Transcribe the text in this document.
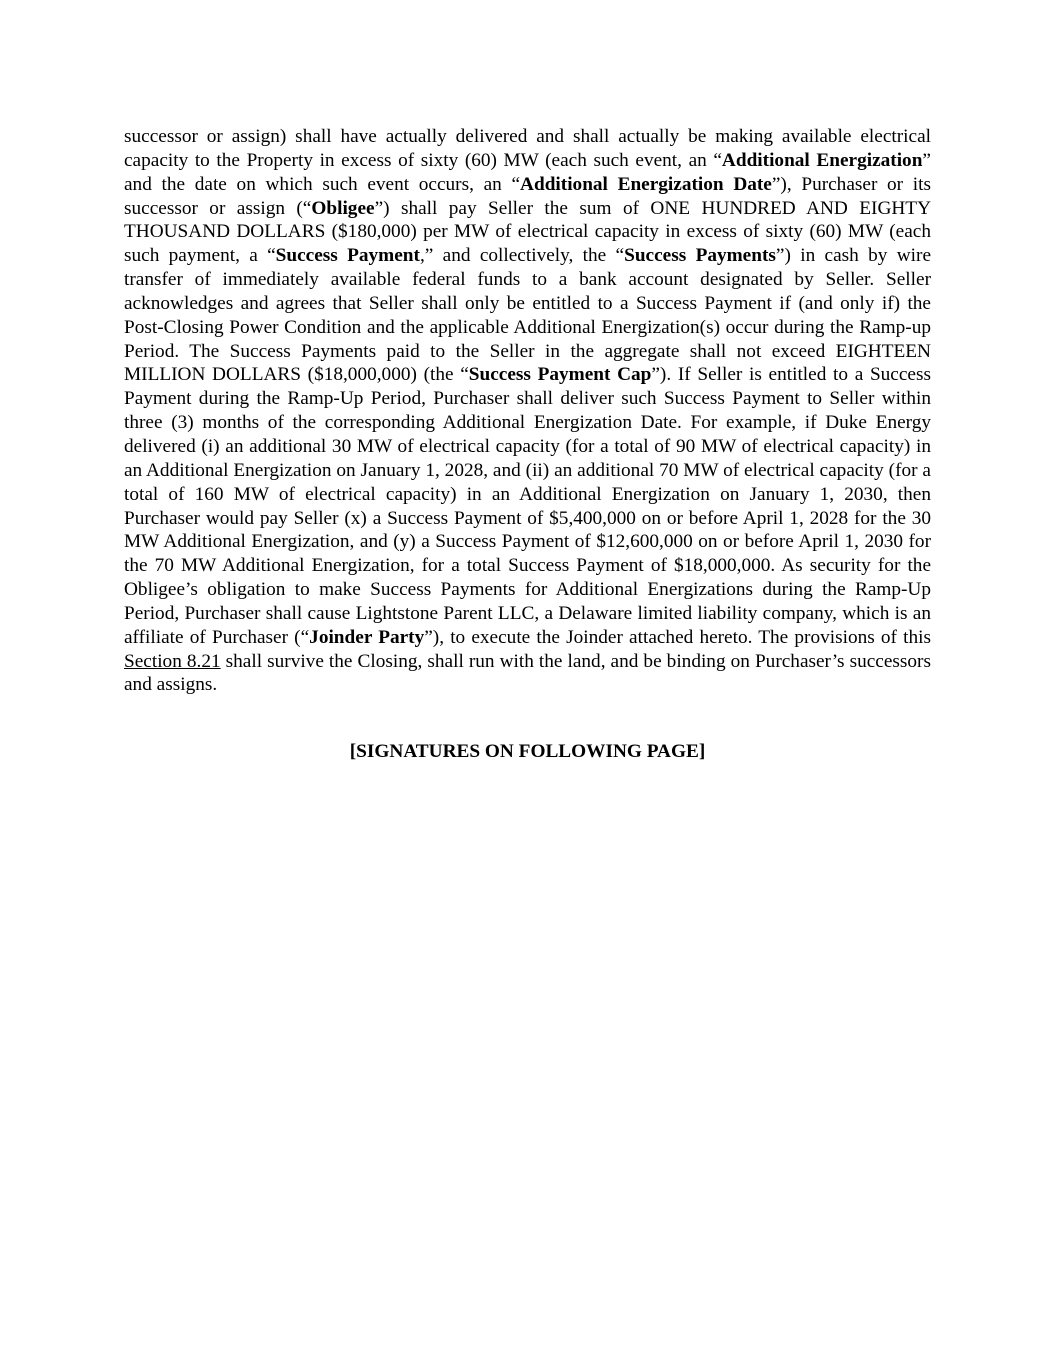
successor or assign) shall have actually delivered and shall actually be making available electrical capacity to the Property in excess of sixty (60) MW (each such event, an “Additional Energization” and the date on which such event occurs, an “Additional Energization Date”), Purchaser or its successor or assign (“Obligee”) shall pay Seller the sum of ONE HUNDRED AND EIGHTY THOUSAND DOLLARS ($180,000) per MW of electrical capacity in excess of sixty (60) MW (each such payment, a “Success Payment,” and collectively, the “Success Payments”) in cash by wire transfer of immediately available federal funds to a bank account designated by Seller. Seller acknowledges and agrees that Seller shall only be entitled to a Success Payment if (and only if) the Post-Closing Power Condition and the applicable Additional Energization(s) occur during the Ramp-up Period. The Success Payments paid to the Seller in the aggregate shall not exceed EIGHTEEN MILLION DOLLARS ($18,000,000) (the “Success Payment Cap”). If Seller is entitled to a Success Payment during the Ramp-Up Period, Purchaser shall deliver such Success Payment to Seller within three (3) months of the corresponding Additional Energization Date. For example, if Duke Energy delivered (i) an additional 30 MW of electrical capacity (for a total of 90 MW of electrical capacity) in an Additional Energization on January 1, 2028, and (ii) an additional 70 MW of electrical capacity (for a total of 160 MW of electrical capacity) in an Additional Energization on January 1, 2030, then Purchaser would pay Seller (x) a Success Payment of $5,400,000 on or before April 1, 2028 for the 30 MW Additional Energization, and (y) a Success Payment of $12,600,000 on or before April 1, 2030 for the 70 MW Additional Energization, for a total Success Payment of $18,000,000. As security for the Obligee’s obligation to make Success Payments for Additional Energizations during the Ramp-Up Period, Purchaser shall cause Lightstone Parent LLC, a Delaware limited liability company, which is an affiliate of Purchaser (“Joinder Party”), to execute the Joinder attached hereto. The provisions of this Section 8.21 shall survive the Closing, shall run with the land, and be binding on Purchaser’s successors and assigns.

[SIGNATURES ON FOLLOWING PAGE]
